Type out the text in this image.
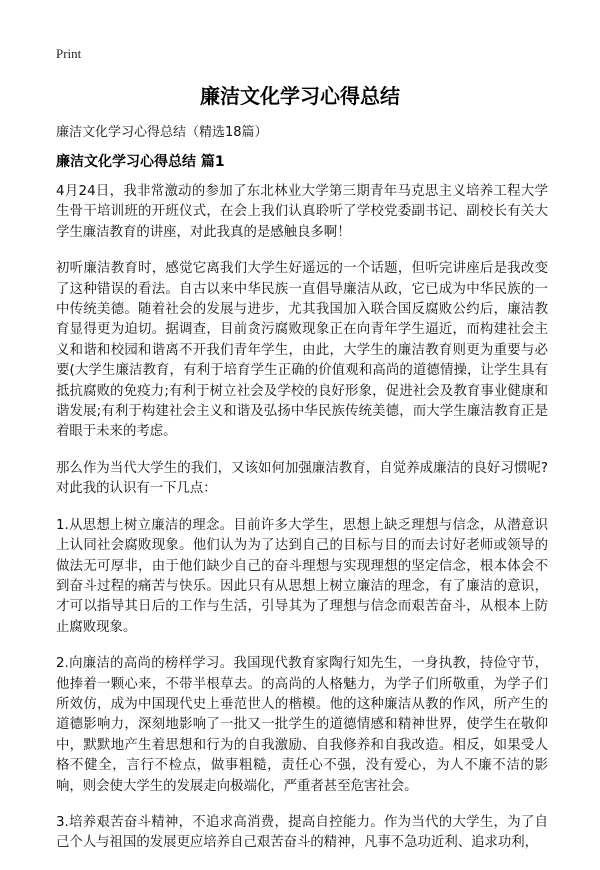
Print
廉洁文化学习心得总结
廉洁文化学习心得总结（精选18篇）
廉洁文化学习心得总结 篇1

4月24日，我非常激动的参加了东北林业大学第三期青年马克思主义培养工程大学生骨干培训班的开班仪式，在会上我们认真聆听了学校党委副书记、副校长有关大学生廉洁教育的讲座，对此我真的是感触良多啊！

初听廉洁教育时，感觉它离我们大学生好遥远的一个话题，但听完讲座后是我改变了这种错误的看法。自古以来中华民族一直倡导廉洁从政，它已成为中华民族的一中传统美德。随着社会的发展与进步，尤其我国加入联合国反腐败公约后，廉洁教育显得更为迫切。据调查，目前贪污腐败现象正在向青年学生逼近，而构建社会主义和谐和校园和谐离不开我们青年学生，由此，大学生的廉洁教育则更为重要与必要(大学生廉洁教育，有利于培育学生正确的价值观和高尚的道德情操，让学生具有抵抗腐败的免疫力;有利于树立社会及学校的良好形象，促进社会及教育事业健康和谐发展;有利于构建社会主义和谐及弘扬中华民族传统美德，而大学生廉洁教育正是着眼于未来的考虑。

那么作为当代大学生的我们，又该如何加强廉洁教育，自觉养成廉洁的良好习惯呢?对此我的认识有一下几点：

1.从思想上树立廉洁的理念。目前许多大学生，思想上缺乏理想与信念，从潜意识上认同社会腐败现象。他们认为为了达到自己的目标与目的而去讨好老师或领导的做法无可厚非，由于他们缺少自己的奋斗理想与实现理想的坚定信念，根本体会不到奋斗过程的痛苦与快乐。因此只有从思想上树立廉洁的理念，有了廉洁的意识，才可以指导其日后的工作与生活，引导其为了理想与信念而艰苦奋斗，从根本上防止腐败现象。

2.向廉洁的高尚的榜样学习。我国现代教育家陶行知先生，一身执教，持俭守节，他捧着一颗心来，不带半根草去。的高尚的人格魅力，为学子们所敬重，为学子们所效仿，成为中国现代史上垂范世人的楷模。他的这种廉洁从教的作风，所产生的道德影响力，深刻地影响了一批又一批学生的道德情感和精神世界，使学生在敬仰中，默默地产生着思想和行为的自我激励、自我修养和自我改造。相反，如果受人格不健全，言行不检点，做事粗糙，责任心不强，没有爱心，为人不廉不洁的影响，则会使大学生的发展走向极端化，严重者甚至危害社会。

3.培养艰苦奋斗精神，不追求高消费，提高自控能力。作为当代的大学生，为了自己个人与祖国的发展更应培养自己艰苦奋斗的精神，凡事不急功近利、追求功利，
